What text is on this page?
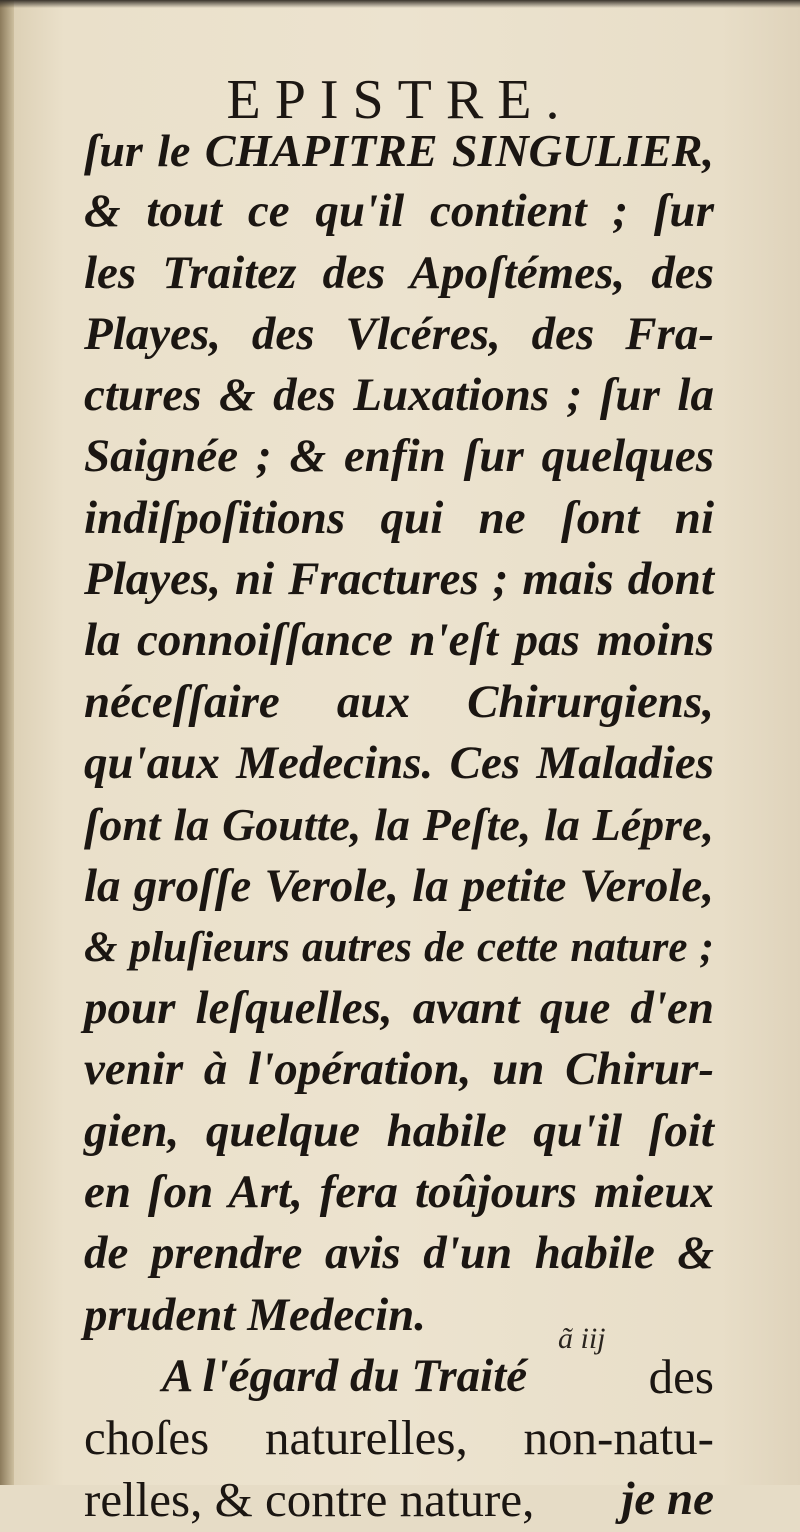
EPISTRE.
ſur le CHAPITRE SINGULIER,
& tout ce qu'il contient ; ſur
les Traitez des Apoſtémes, des
Playes, des Vlcéres, des Fra-
ctures & des Luxations ; ſur la
Saignée ; & enfin ſur quelques
indiſpoſitions qui ne ſont ni
Playes, ni Fractures ; mais dont
la connoiſſance n'eſt pas moins
néceſſaire aux Chirurgiens,
qu'aux Medecins. Ces Maladies
ſont la Goutte, la Peſte, la Lépre,
la groſſe Verole, la petite Verole,
& pluſieurs autres de cette nature ;
pour leſquelles, avant que d'en
venir à l'opération, un Chirur-
gien, quelque habile qu'il ſoit
en ſon Art, fera toûjours mieux
de prendre avis d'un habile &
prudent Medecin.
A l'égard du Traité des
choſes naturelles, non-natu-
relles, & contre nature, je ne
ã iij
